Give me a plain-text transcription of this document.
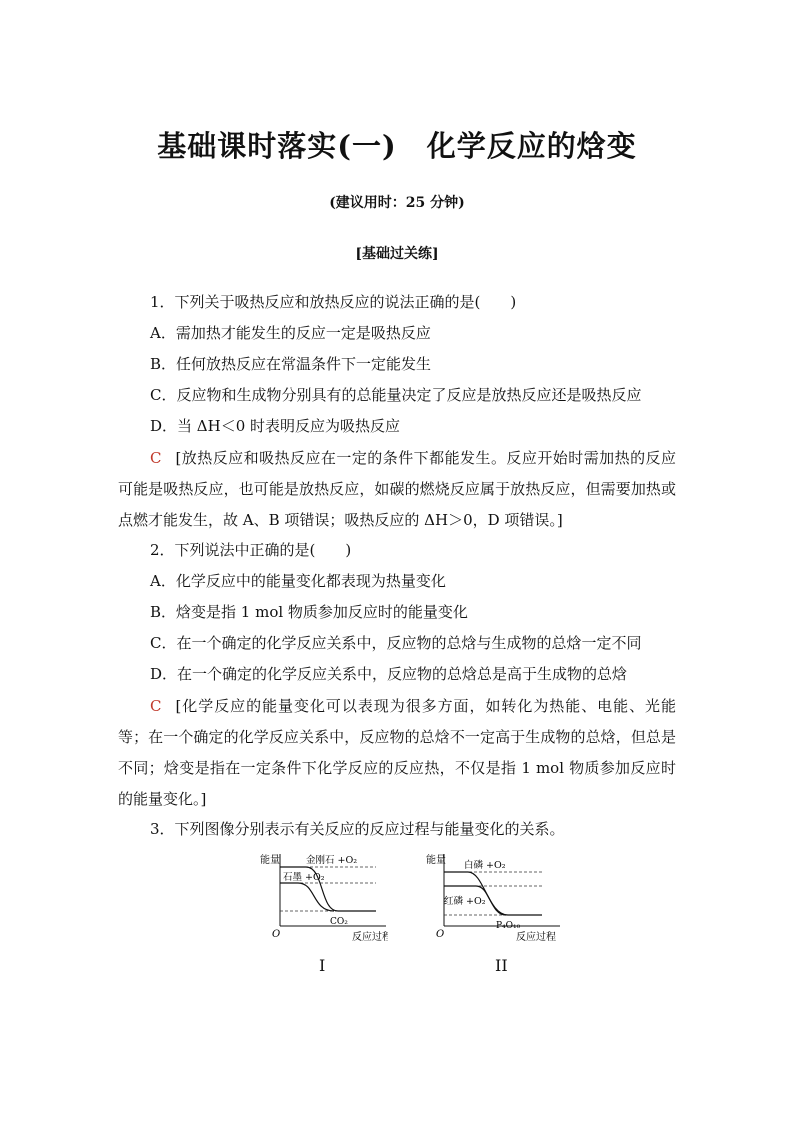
基础课时落实(一)　化学反应的焓变
(建议用时：25 分钟)
[基础过关练]
1．下列关于吸热反应和放热反应的说法正确的是(　　)
A．需加热才能发生的反应一定是吸热反应
B．任何放热反应在常温条件下一定能发生
C．反应物和生成物分别具有的总能量决定了反应是放热反应还是吸热反应
D．当 ΔH＜0 时表明反应为吸热反应
C [放热反应和吸热反应在一定的条件下都能发生。反应开始时需加热的反应可能是吸热反应，也可能是放热反应，如碳的燃烧反应属于放热反应，但需要加热或点燃才能发生，故 A、B 项错误；吸热反应的 ΔH＞0，D 项错误。]
2．下列说法中正确的是(　　)
A．化学反应中的能量变化都表现为热量变化
B．焓变是指 1 mol 物质参加反应时的能量变化
C．在一个确定的化学反应关系中，反应物的总焓与生成物的总焓一定不同
D．在一个确定的化学反应关系中，反应物的总焓总是高于生成物的总焓
C [化学反应的能量变化可以表现为很多方面，如转化为热能、电能、光能等；在一个确定的化学反应关系中，反应物的总焓不一定高于生成物的总焓，但总是不同；焓变是指在一定条件下化学反应的反应热，不仅是指 1 mol 物质参加反应时的能量变化。]
3．下列图像分别表示有关反应的反应过程与能量变化的关系。
能量	金刚石 +O₂
石墨 +O₂
CO₂
O	反应过程
I
能量 白磷 +O₂
红磷 +O₂
P₄O₁₀
O	反应过程
II
